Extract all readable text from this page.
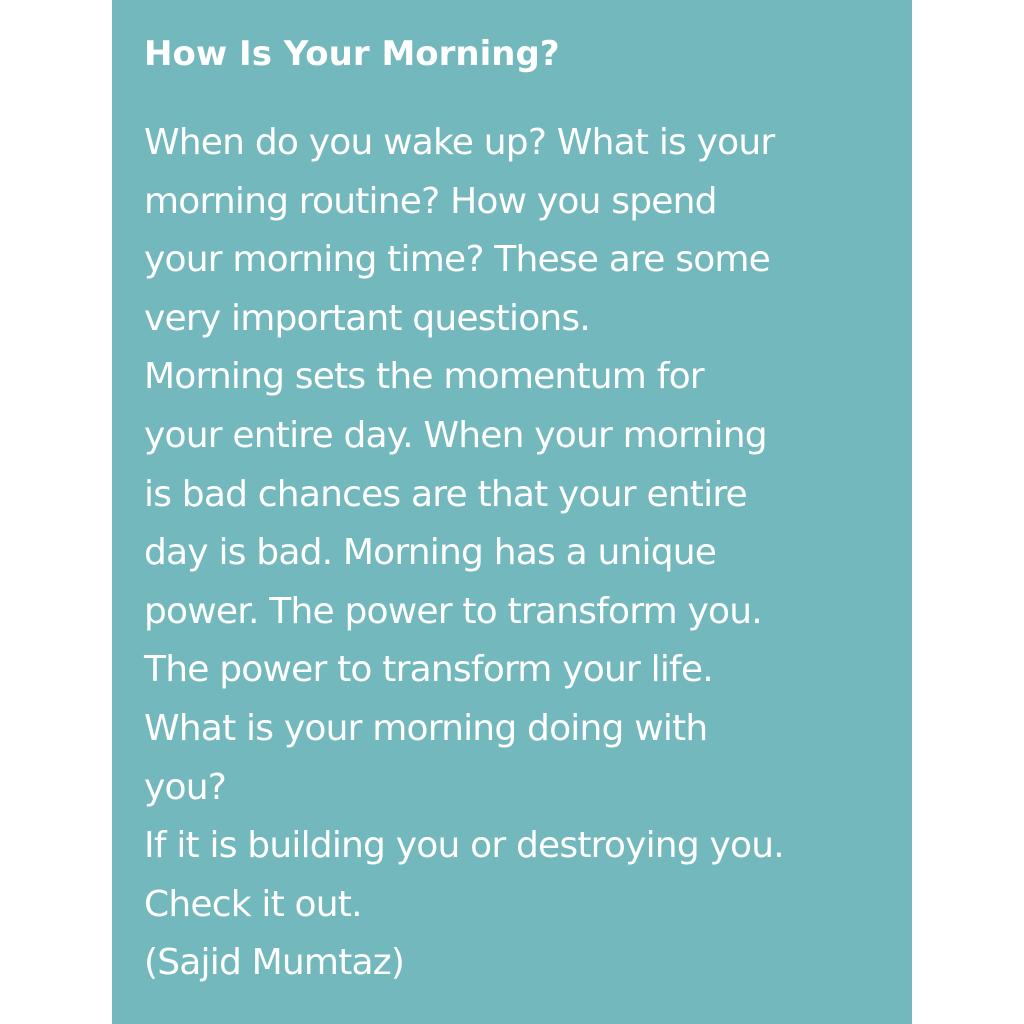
How Is Your Morning?
When do you wake up? What is your
morning routine? How you spend
your morning time? These are some
very important questions.
Morning sets the momentum for
your entire day. When your morning
is bad chances are that your entire
day is bad. Morning has a unique
power. The power to transform you.
The power to transform your life.
What is your morning doing with
you?
If it is building you or destroying you.
Check it out.
(Sajid Mumtaz)
